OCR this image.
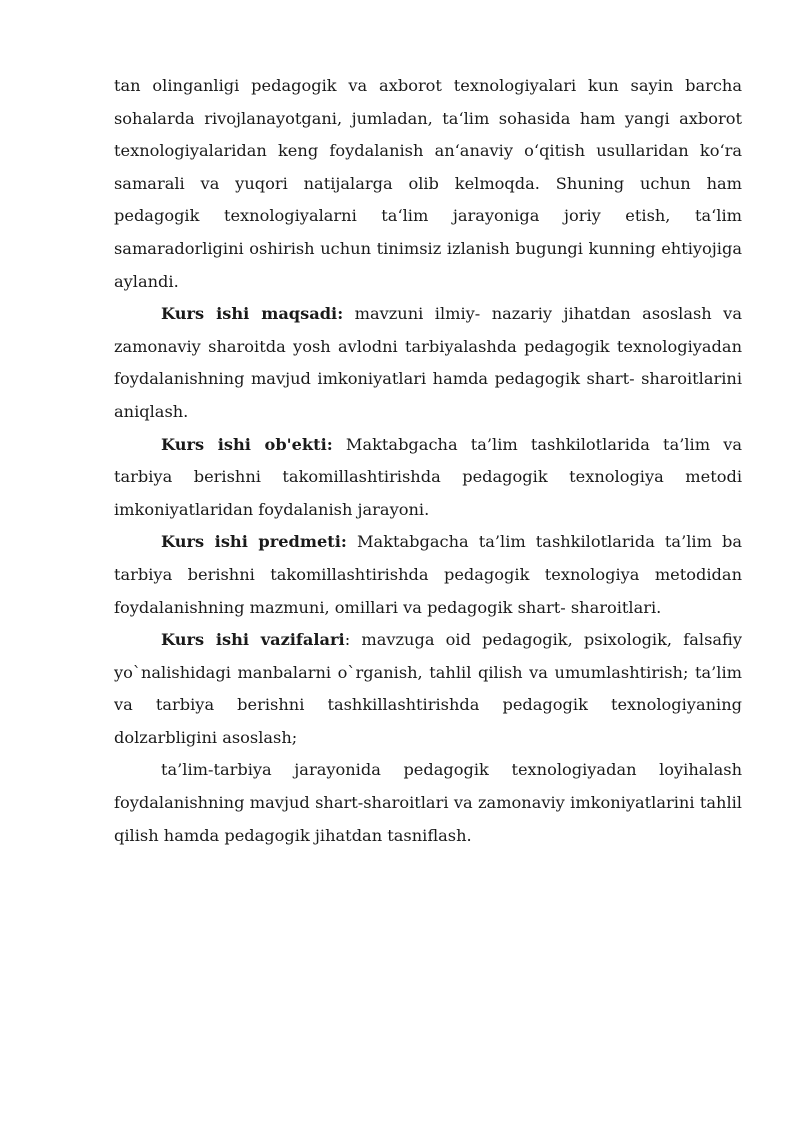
tan olinganligi pedagogik va axborot texnologiyalari kun sayin barcha sohalarda rivojlanayotgani, jumladan, ta‘lim sohasida ham yangi axborot texnologiyalaridan keng foydalanish an‘anaviy o‘qitish usullaridan ko‘ra samarali va yuqori natijalarga olib kelmoqda. Shuning uchun ham pedagogik texnologiyalarni ta‘lim jarayoniga joriy etish, ta‘lim samaradorligini oshirish uchun tinimsiz izlanish bugungi kunning ehtiyojiga aylandi.

Kurs ishi maqsadi: mavzuni ilmiy- nazariy jihatdan asoslash va zamonaviy sharoitda yosh avlodni tarbiyalashda pedagogik texnologiyadan foydalanishning mavjud imkoniyatlari hamda pedagogik shart- sharoitlarini aniqlash.

Kurs ishi ob'ekti: Maktabgacha ta’lim tashkilotlarida ta’lim va tarbiya berishni takomillashtirishda pedagogik texnologiya metodi imkoniyatlaridan foydalanish jarayoni.

Kurs ishi predmeti: Maktabgacha ta’lim tashkilotlarida ta’lim ba tarbiya berishni takomillashtirishda pedagogik texnologiya metodidan foydalanishning mazmuni, omillari va pedagogik shart- sharoitlari.

Kurs ishi vazifalari: mavzuga oid pedagogik, psixologik, falsafiy yo`nalishidagi manbalarni o`rganish, tahlil qilish va umumlashtirish; ta’lim va tarbiya berishni tashkillashtirishda pedagogik texnologiyaning dolzarbligini asoslash;

ta’lim-tarbiya jarayonida pedagogik texnologiyadan loyihalash foydalanishning mavjud shart-sharoitlari va zamonaviy imkoniyatlarini tahlil qilish hamda pedagogik jihatdan tasniflash.
